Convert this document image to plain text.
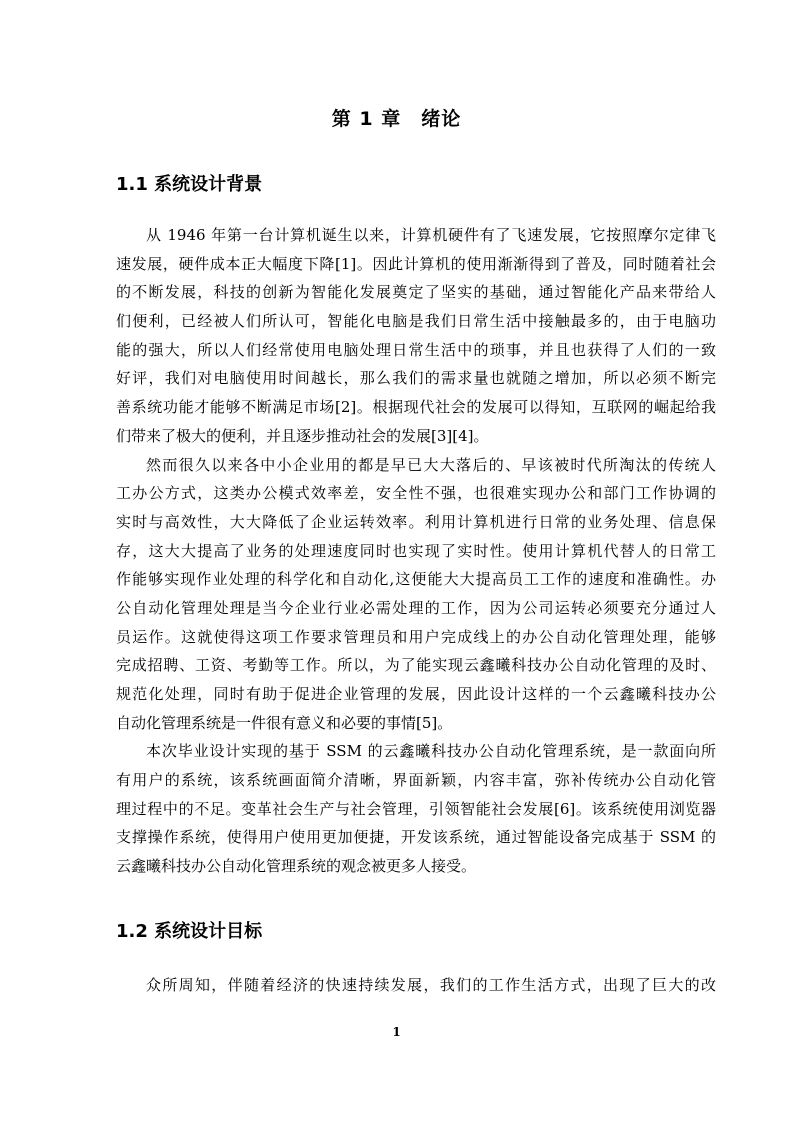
第 1 章　绪论
1.1 系统设计背景
从 1946 年第一台计算机诞生以来，计算机硬件有了飞速发展，它按照摩尔定律飞
速发展，硬件成本正大幅度下降[1]。因此计算机的使用渐渐得到了普及，同时随着社会
的不断发展，科技的创新为智能化发展奠定了坚实的基础，通过智能化产品来带给人
们便利，已经被人们所认可，智能化电脑是我们日常生活中接触最多的，由于电脑功
能的强大，所以人们经常使用电脑处理日常生活中的琐事，并且也获得了人们的一致
好评，我们对电脑使用时间越长，那么我们的需求量也就随之增加，所以必须不断完
善系统功能才能够不断满足市场[2]。根据现代社会的发展可以得知，互联网的崛起给我
们带来了极大的便利，并且逐步推动社会的发展[3][4]。
然而很久以来各中小企业用的都是早已大大落后的、早该被时代所淘汰的传统人
工办公方式，这类办公模式效率差，安全性不强，也很难实现办公和部门工作协调的
实时与高效性，大大降低了企业运转效率。利用计算机进行日常的业务处理、信息保
存，这大大提高了业务的处理速度同时也实现了实时性。使用计算机代替人的日常工
作能够实现作业处理的科学化和自动化,这便能大大提高员工工作的速度和准确性。办
公自动化管理处理是当今企业行业必需处理的工作，因为公司运转必须要充分通过人
员运作。这就使得这项工作要求管理员和用户完成线上的办公自动化管理处理，能够
完成招聘、工资、考勤等工作。所以，为了能实现云鑫曦科技办公自动化管理的及时、
规范化处理，同时有助于促进企业管理的发展，因此设计这样的一个云鑫曦科技办公
自动化管理系统是一件很有意义和必要的事情[5]。
本次毕业设计实现的基于 SSM 的云鑫曦科技办公自动化管理系统，是一款面向所
有用户的系统，该系统画面简介清晰，界面新颖，内容丰富，弥补传统办公自动化管
理过程中的不足。变革社会生产与社会管理，引领智能社会发展[6]。该系统使用浏览器
支撑操作系统，使得用户使用更加便捷，开发该系统，通过智能设备完成基于 SSM 的
云鑫曦科技办公自动化管理系统的观念被更多人接受。
1.2 系统设计目标
众所周知，伴随着经济的快速持续发展，我们的工作生活方式，出现了巨大的改
1
